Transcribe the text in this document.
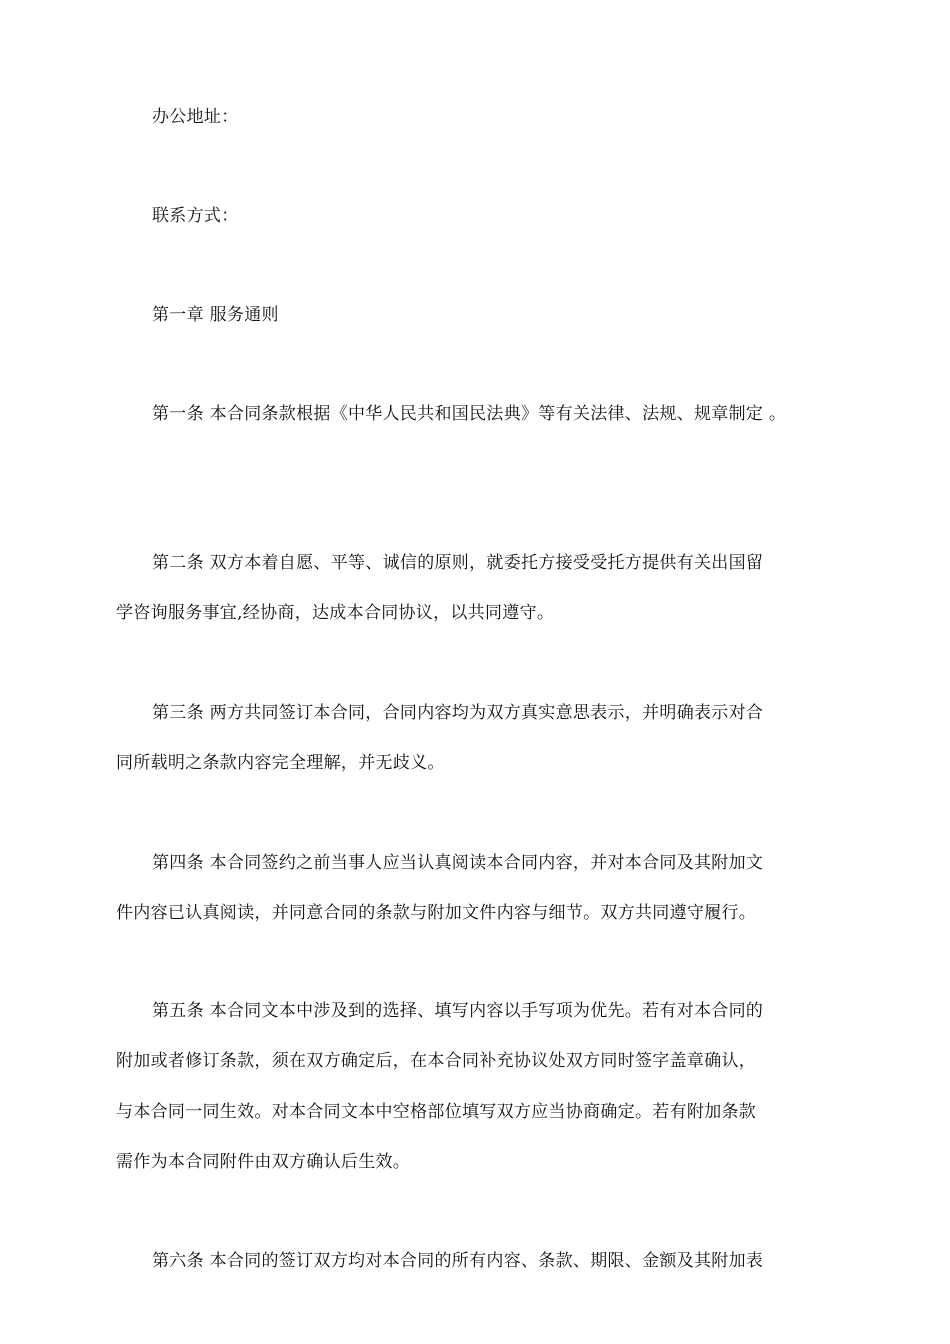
办公地址：
联系方式：
第一章 服务通则
第一条 本合同条款根据《中华人民共和国民法典》等有关法律、法规、规章制定 。
第二条 双方本着自愿、平等、诚信的原则，就委托方接受受托方提供有关出国留
学咨询服务事宜,经协商，达成本合同协议，以共同遵守。
第三条 两方共同签订本合同，合同内容均为双方真实意思表示，并明确表示对合
同所载明之条款内容完全理解，并无歧义。
第四条 本合同签约之前当事人应当认真阅读本合同内容，并对本合同及其附加文
件内容已认真阅读，并同意合同的条款与附加文件内容与细节。双方共同遵守履行。
第五条 本合同文本中涉及到的选择、填写内容以手写项为优先。若有对本合同的
附加或者修订条款，须在双方确定后，在本合同补充协议处双方同时签字盖章确认，
与本合同一同生效。对本合同文本中空格部位填写双方应当协商确定。若有附加条款
需作为本合同附件由双方确认后生效。
第六条 本合同的签订双方均对本合同的所有内容、条款、期限、金额及其附加表
